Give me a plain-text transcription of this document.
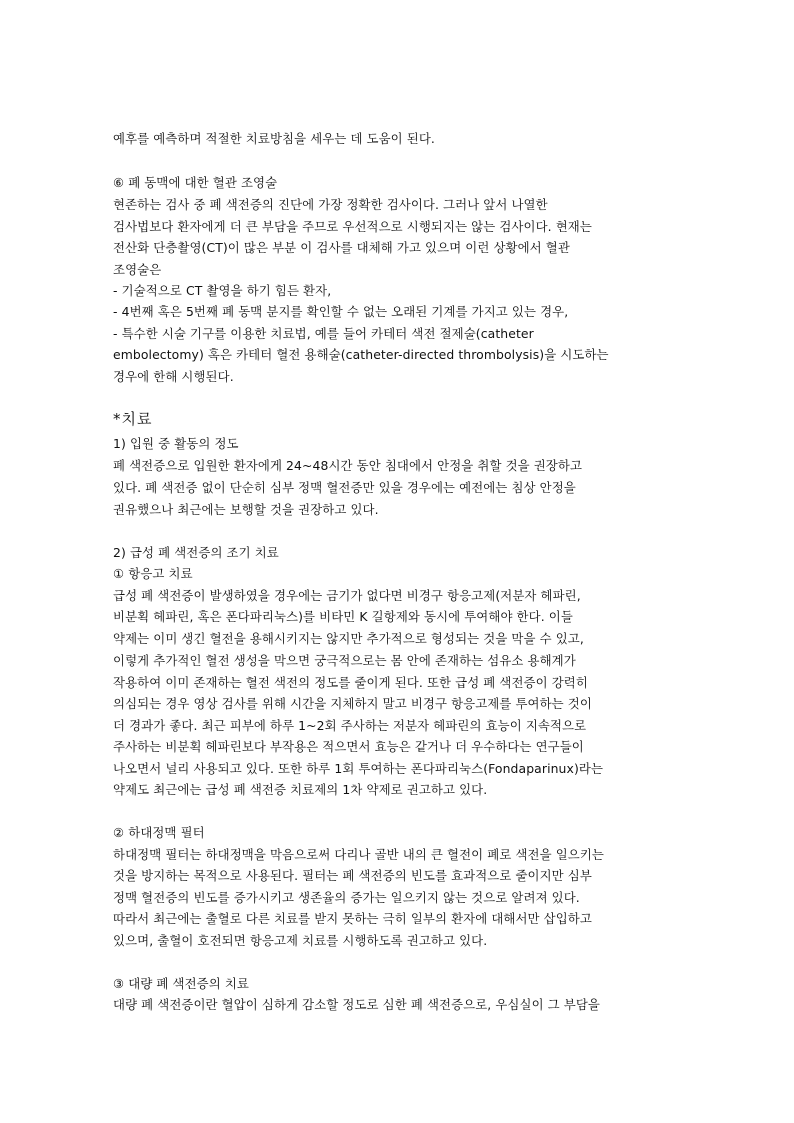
예후를 예측하며 적절한 치료방침을 세우는 데 도움이 된다.
⑥ 폐 동맥에 대한 혈관 조영술
현존하는 검사 중 폐 색전증의 진단에 가장 정확한 검사이다. 그러나 앞서 나열한
검사법보다 환자에게 더 큰 부담을 주므로 우선적으로 시행되지는 않는 검사이다. 현재는
전산화 단층촬영(CT)이 많은 부분 이 검사를 대체해 가고 있으며 이런 상황에서 혈관
조영술은
- 기술적으로 CT 촬영을 하기 힘든 환자,
- 4번째 혹은 5번째 폐 동맥 분지를 확인할 수 없는 오래된 기계를 가지고 있는 경우,
- 특수한 시술 기구를 이용한 치료법, 예를 들어 카테터 색전 절제술(catheter
embolectomy) 혹은 카테터 혈전 용해술(catheter-directed thrombolysis)을 시도하는
경우에 한해 시행된다.
*치료
1) 입원 중 활동의 정도
폐 색전증으로 입원한 환자에게 24~48시간 동안 침대에서 안정을 취할 것을 권장하고
있다. 폐 색전증 없이 단순히 심부 정맥 혈전증만 있을 경우에는 예전에는 침상 안정을
권유했으나 최근에는 보행할 것을 권장하고 있다.
2) 급성 폐 색전증의 조기 치료
① 항응고 치료
급성 폐 색전증이 발생하였을 경우에는 금기가 없다면 비경구 항응고제(저분자 헤파린,
비분획 헤파린, 혹은 폰다파리눅스)를 비타민 K 길항제와 동시에 투여해야 한다. 이들
약제는 이미 생긴 혈전을 용해시키지는 않지만 추가적으로 형성되는 것을 막을 수 있고,
이렇게 추가적인 혈전 생성을 막으면 궁극적으로는 몸 안에 존재하는 섬유소 용해계가
작용하여 이미 존재하는 혈전 색전의 정도를 줄이게 된다. 또한 급성 폐 색전증이 강력히
의심되는 경우 영상 검사를 위해 시간을 지체하지 말고 비경구 항응고제를 투여하는 것이
더 경과가 좋다. 최근 피부에 하루 1~2회 주사하는 저분자 헤파린의 효능이 지속적으로
주사하는 비분획 헤파린보다 부작용은 적으면서 효능은 같거나 더 우수하다는 연구들이
나오면서 널리 사용되고 있다. 또한 하루 1회 투여하는 폰다파리눅스(Fondaparinux)라는
약제도 최근에는 급성 폐 색전증 치료제의 1차 약제로 권고하고 있다.
② 하대정맥 필터
하대정맥 필터는 하대정맥을 막음으로써 다리나 골반 내의 큰 혈전이 폐로 색전을 일으키는
것을 방지하는 목적으로 사용된다. 필터는 폐 색전증의 빈도를 효과적으로 줄이지만 심부
정맥 혈전증의 빈도를 증가시키고 생존율의 증가는 일으키지 않는 것으로 알려져 있다.
따라서 최근에는 출혈로 다른 치료를 받지 못하는 극히 일부의 환자에 대해서만 삽입하고
있으며, 출혈이 호전되면 항응고제 치료를 시행하도록 권고하고 있다.
③ 대량 폐 색전증의 치료
대량 폐 색전증이란 혈압이 심하게 감소할 정도로 심한 폐 색전증으로, 우심실이 그 부담을
